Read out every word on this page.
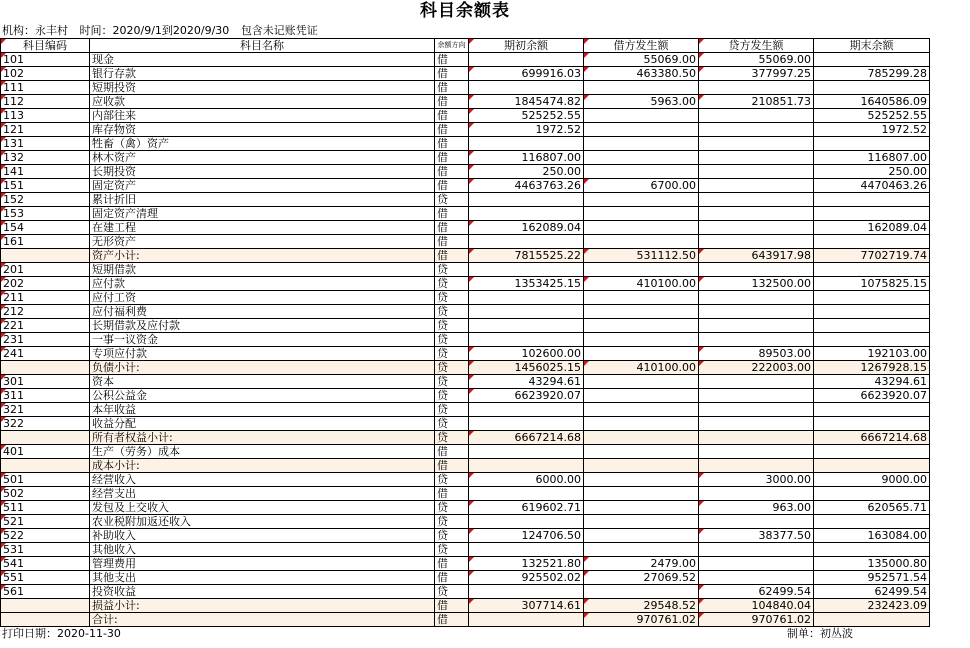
科目余额表
机构：永丰村 时间：2020/9/1到2020/9/30 包含未记账凭证
科目编码	科目名称	余额方向	期初余额	借方发生额	贷方发生额	期末余额
101	现金	借		55069.00	55069.00	
102	银行存款	借	699916.03	463380.50	377997.25	785299.28
111	短期投资	借				
112	应收款	借	1845474.82	5963.00	210851.73	1640586.09
113	内部往来	借	525252.55			525252.55
121	库存物资	借	1972.52			1972.52
131	牲畜（禽）资产	借				
132	林木资产	借	116807.00			116807.00
141	长期投资	借	250.00			250.00
151	固定资产	借	4463763.26	6700.00		4470463.26
152	累计折旧	贷				
153	固定资产清理	借				
154	在建工程	借	162089.04			162089.04
161	无形资产	借				
	资产小计:	借	7815525.22	531112.50	643917.98	7702719.74
201	短期借款	贷				
202	应付款	贷	1353425.15	410100.00	132500.00	1075825.15
211	应付工资	贷				
212	应付福利费	贷				
221	长期借款及应付款	贷				
231	一事一议资金	贷				
241	专项应付款	贷	102600.00		89503.00	192103.00
	负债小计:	贷	1456025.15	410100.00	222003.00	1267928.15
301	资本	贷	43294.61			43294.61
311	公积公益金	贷	6623920.07			6623920.07
321	本年收益	贷				
322	收益分配	贷				
	所有者权益小计:	贷	6667214.68			6667214.68
401	生产（劳务）成本	借				
	成本小计:	借				
501	经营收入	贷	6000.00		3000.00	9000.00
502	经营支出	借				
511	发包及上交收入	贷	619602.71		963.00	620565.71
521	农业税附加返还收入	贷				
522	补助收入	贷	124706.50		38377.50	163084.00
531	其他收入	贷				
541	管理费用	借	132521.80	2479.00		135000.80
551	其他支出	借	925502.02	27069.52		952571.54
561	投资收益	贷			62499.54	62499.54
	损益小计:	借	307714.61	29548.52	104840.04	232423.09
	合计:	借		970761.02	970761.02	
打印日期：2020-11-30	制单：初丛波
